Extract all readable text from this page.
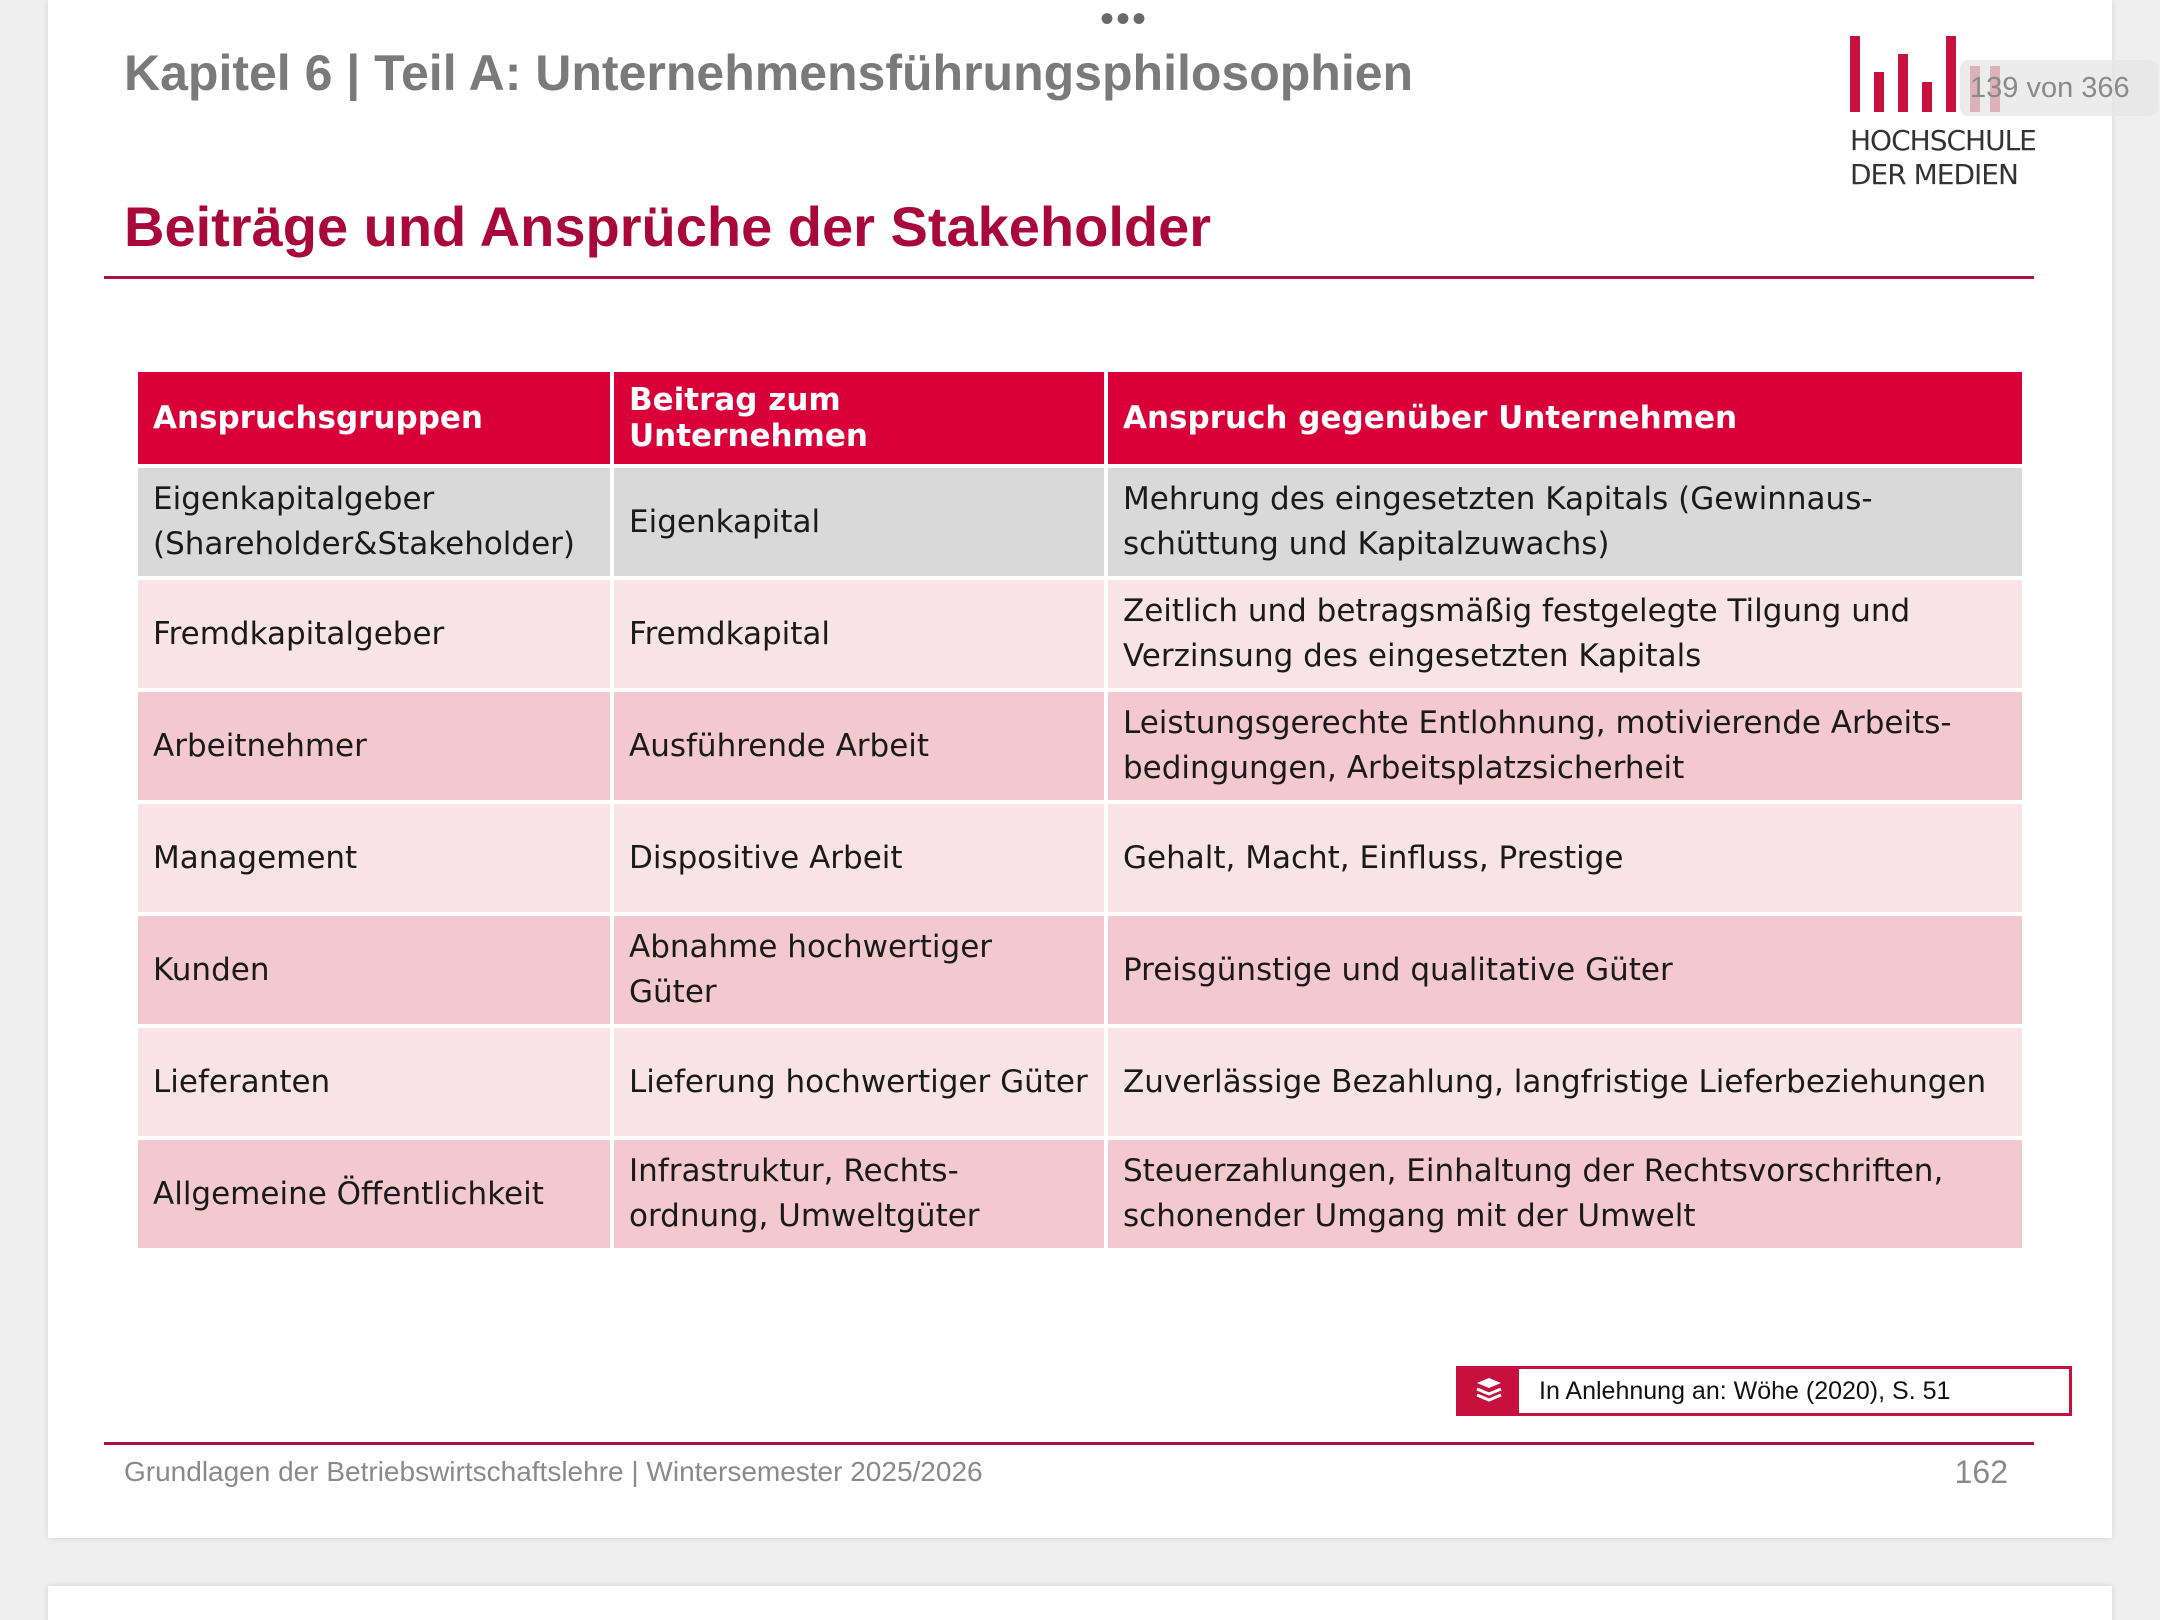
•••
Kapitel 6 | Teil A: Unternehmensführungsphilosophien
HOCHSCHULE
DER MEDIEN
Beiträge und Ansprüche der Stakeholder
In Anlehnung an: Wöhe (2020), S. 51
Grundlagen der Betriebswirtschaftslehre | Wintersemester 2025/2026	162
Anspruchsgruppen	Beitrag zum Unternehmen	Anspruch gegenüber Unternehmen
Eigenkapitalgeber (Shareholder&Stakeholder)	Eigenkapital	Mehrung des eingesetzten Kapitals (Gewinnaus-schüttung und Kapitalzuwachs)
Fremdkapitalgeber	Fremdkapital	Zeitlich und betragsmäßig festgelegte Tilgung und Verzinsung des eingesetzten Kapitals
Arbeitnehmer	Ausführende Arbeit	Leistungsgerechte Entlohnung, motivierende Arbeits-bedingungen, Arbeitsplatzsicherheit
Management	Dispositive Arbeit	Gehalt, Macht, Einfluss, Prestige
Kunden	Abnahme hochwertiger Güter	Preisgünstige und qualitative Güter
Lieferanten	Lieferung hochwertiger Güter	Zuverlässige Bezahlung, langfristige Lieferbeziehungen
Allgemeine Öffentlichkeit	Infrastruktur, Rechts-ordnung, Umweltgüter	Steuerzahlungen, Einhaltung der Rechtsvorschriften, schonender Umgang mit der Umwelt
139 von 366
